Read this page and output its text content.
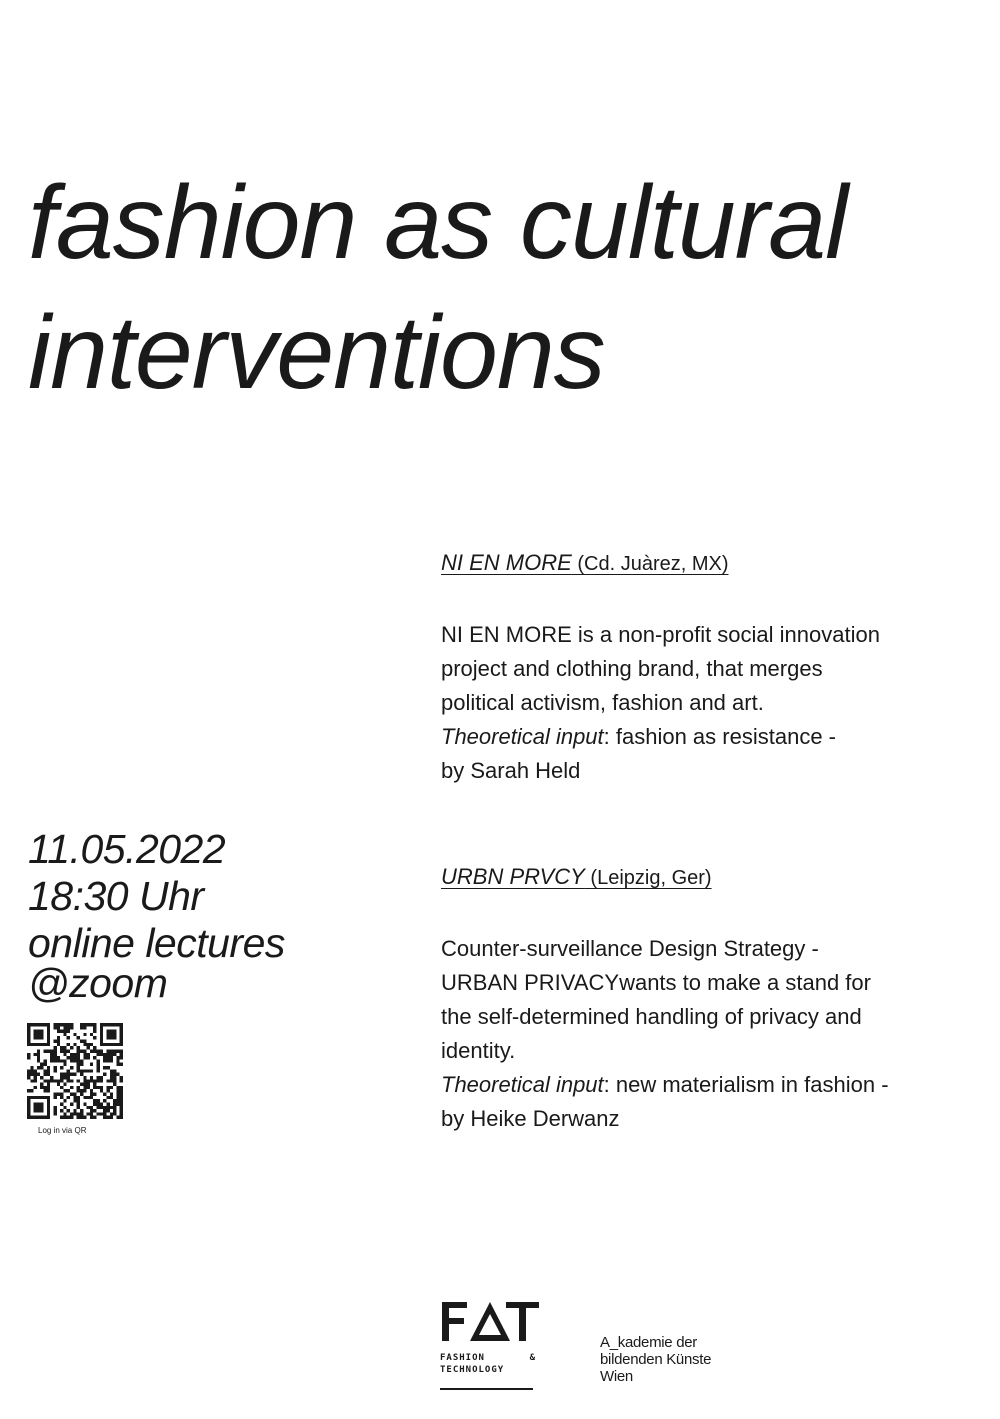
fashion as cultural
interventions
NI EN MORE (Cd. Juàrez, MX)
NI EN MORE is a non-profit social innovation
project and clothing brand, that merges
political activism, fashion and art.
Theoretical input: fashion as resistance -
by Sarah Held
11.05.2022
18:30 Uhr
online lectures
@zoom
URBN PRVCY (Leipzig, Ger)
Counter-surveillance Design Strategy -
URBAN PRIVACYwants to make a stand for
the self-determined handling of privacy and
identity.
Theoretical input: new materialism in fashion -
by Heike Derwanz
Log in via QR
FASHION	&
TECHNOLOGY
A_kademie der
bildenden Künste
Wien
